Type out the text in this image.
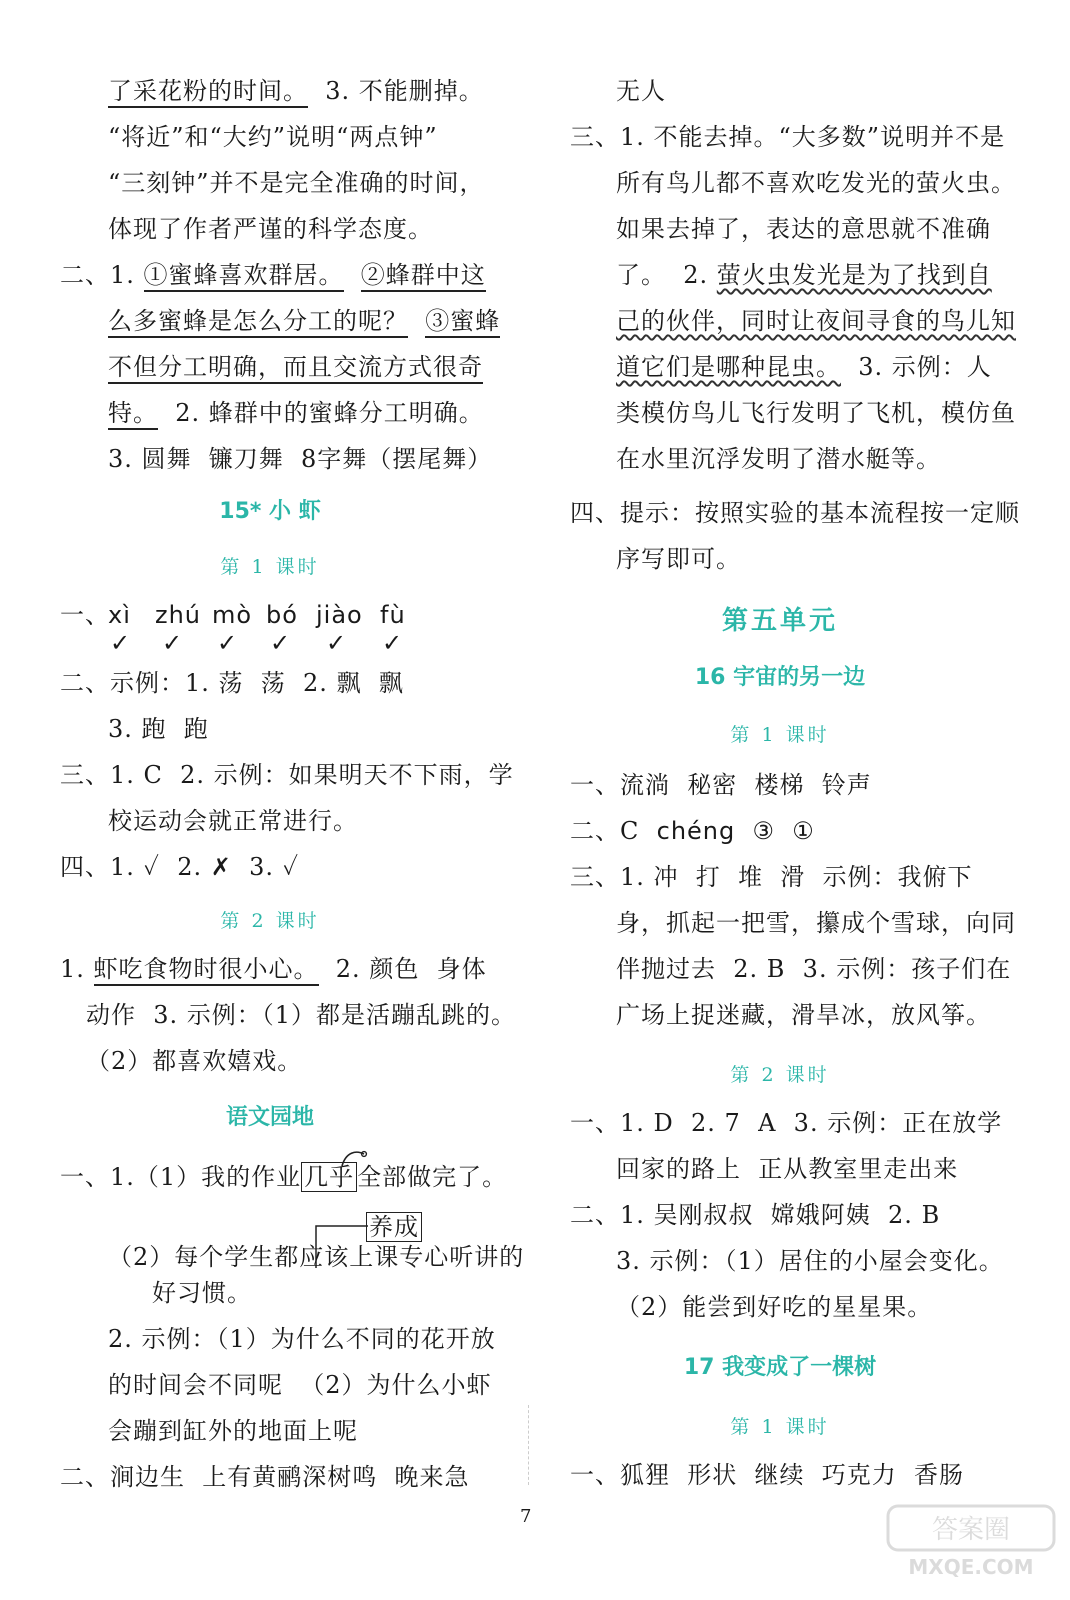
了采花粉的时间。  3. 不能删掉。
“将近”和“大约”说明“两点钟”
“三刻钟”并不是完全准确的时间，
体现了作者严谨的科学态度。
二、1. ①蜜蜂喜欢群居。 ②蜂群中这
么多蜜蜂是怎么分工的呢？ ③蜜蜂
不但分工明确，而且交流方式很奇
特。  2. 蜂群中的蜜蜂分工明确。
3. 圆舞  镰刀舞  8字舞（摆尾舞）
15* 小 虾
第 1 课时
一、
xì zhú mò bó jiào fù
✓ ✓ ✓ ✓ ✓ ✓
二、示例：1. 荡  荡  2. 飘  飘
3. 跑  跑
三、1. C  2. 示例：如果明天不下雨，学
校运动会就正常进行。
四、1. ✓  2. ✗  3. ✓
第 2 课时
1. 虾吃食物时很小心。  2. 颜色  身体
动作  3. 示例：（1）都是活蹦乱跳的。
（2）都喜欢嬉戏。
语文园地
一、1.（1）我的作业 几乎 全部做完了。
养成
（2）每个学生都应该上课专心听讲的
好习惯。
2. 示例：（1）为什么不同的花开放
的时间会不同呢  （2）为什么小虾
会蹦到缸外的地面上呢
二、涧边生  上有黄鹂深树鸣  晚来急
无人
三、1. 不能去掉。“大多数”说明并不是
所有鸟儿都不喜欢吃发光的萤火虫。
如果去掉了，表达的意思就不准确
了。  2. 萤火虫发光是为了找到自
己的伙伴，同时让夜间寻食的鸟儿知
道它们是哪种昆虫。  3. 示例：人
类模仿鸟儿飞行发明了飞机，模仿鱼
在水里沉浮发明了潜水艇等。
四、提示：按照实验的基本流程按一定顺
序写即可。
第五单元
16 宇宙的另一边
第 1 课时
一、流淌  秘密  楼梯  铃声
二、C  chéng  ③  ①
三、1. 冲  打  堆  滑  示例：我俯下
身，抓起一把雪，攥成个雪球，向同
伴抛过去  2. B  3. 示例：孩子们在
广场上捉迷藏，滑旱冰，放风筝。
第 2 课时
一、1. D  2. 7  A  3. 示例：正在放学
回家的路上  正从教室里走出来
二、1. 吴刚叔叔  嫦娥阿姨  2. B
3. 示例：（1）居住的小屋会变化。
（2）能尝到好吃的星星果。
17 我变成了一棵树
第 1 课时
一、狐狸  形状  继续  巧克力  香肠
7	答案圈
MXQE.COM
